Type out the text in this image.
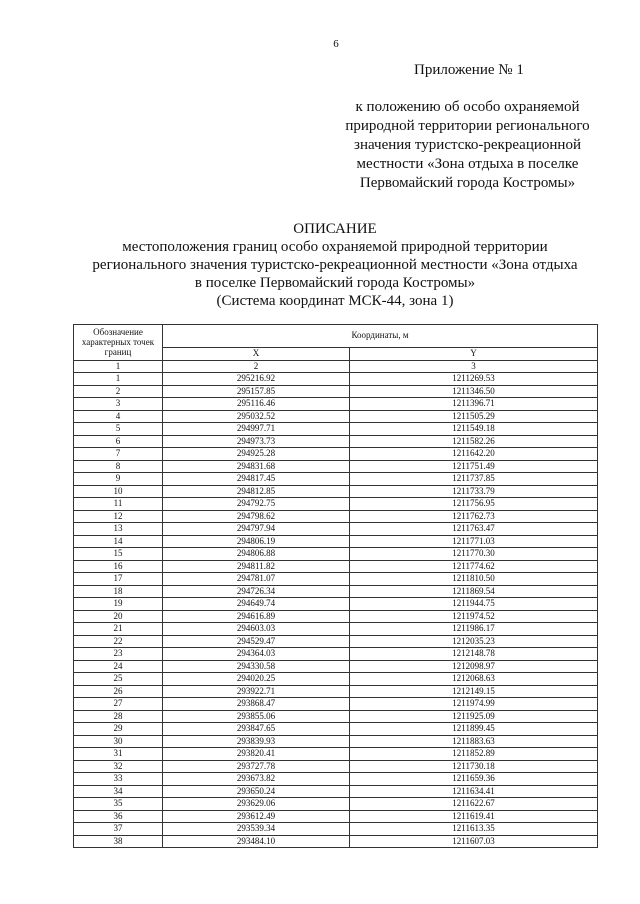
6
Приложение № 1
к положению об особо охраняемой
природной территории регионального
значения туристско-рекреационной
местности «Зона отдыха в поселке
Первомайский города Костромы»
ОПИСАНИЕ
местоположения границ особо охраняемой природной территории
регионального значения туристско-рекреационной местности «Зона отдыха
в поселке Первомайский города Костромы»
(Система координат МСК-44, зона 1)
Обозначение характерных точек границ	Координаты, м	
	X	Y
1	2	3
1	295216.92	1211269.53
2	295157.85	1211346.50
3	295116.46	1211396.71
4	295032.52	1211505.29
5	294997.71	1211549.18
6	294973.73	1211582.26
7	294925.28	1211642.20
8	294831.68	1211751.49
9	294817.45	1211737.85
10	294812.85	1211733.79
11	294792.75	1211756.95
12	294798.62	1211762.73
13	294797.94	1211763.47
14	294806.19	1211771.03
15	294806.88	1211770.30
16	294811.82	1211774.62
17	294781.07	1211810.50
18	294726.34	1211869.54
19	294649.74	1211944.75
20	294616.89	1211974.52
21	294603.03	1211986.17
22	294529.47	1212035.23
23	294364.03	1212148.78
24	294330.58	1212098.97
25	294020.25	1212068.63
26	293922.71	1212149.15
27	293868.47	1211974.99
28	293855.06	1211925.09
29	293847.65	1211899.45
30	293839.93	1211883.63
31	293820.41	1211852.89
32	293727.78	1211730.18
33	293673.82	1211659.36
34	293650.24	1211634.41
35	293629.06	1211622.67
36	293612.49	1211619.41
37	293539.34	1211613.35
38	293484.10	1211607.03
